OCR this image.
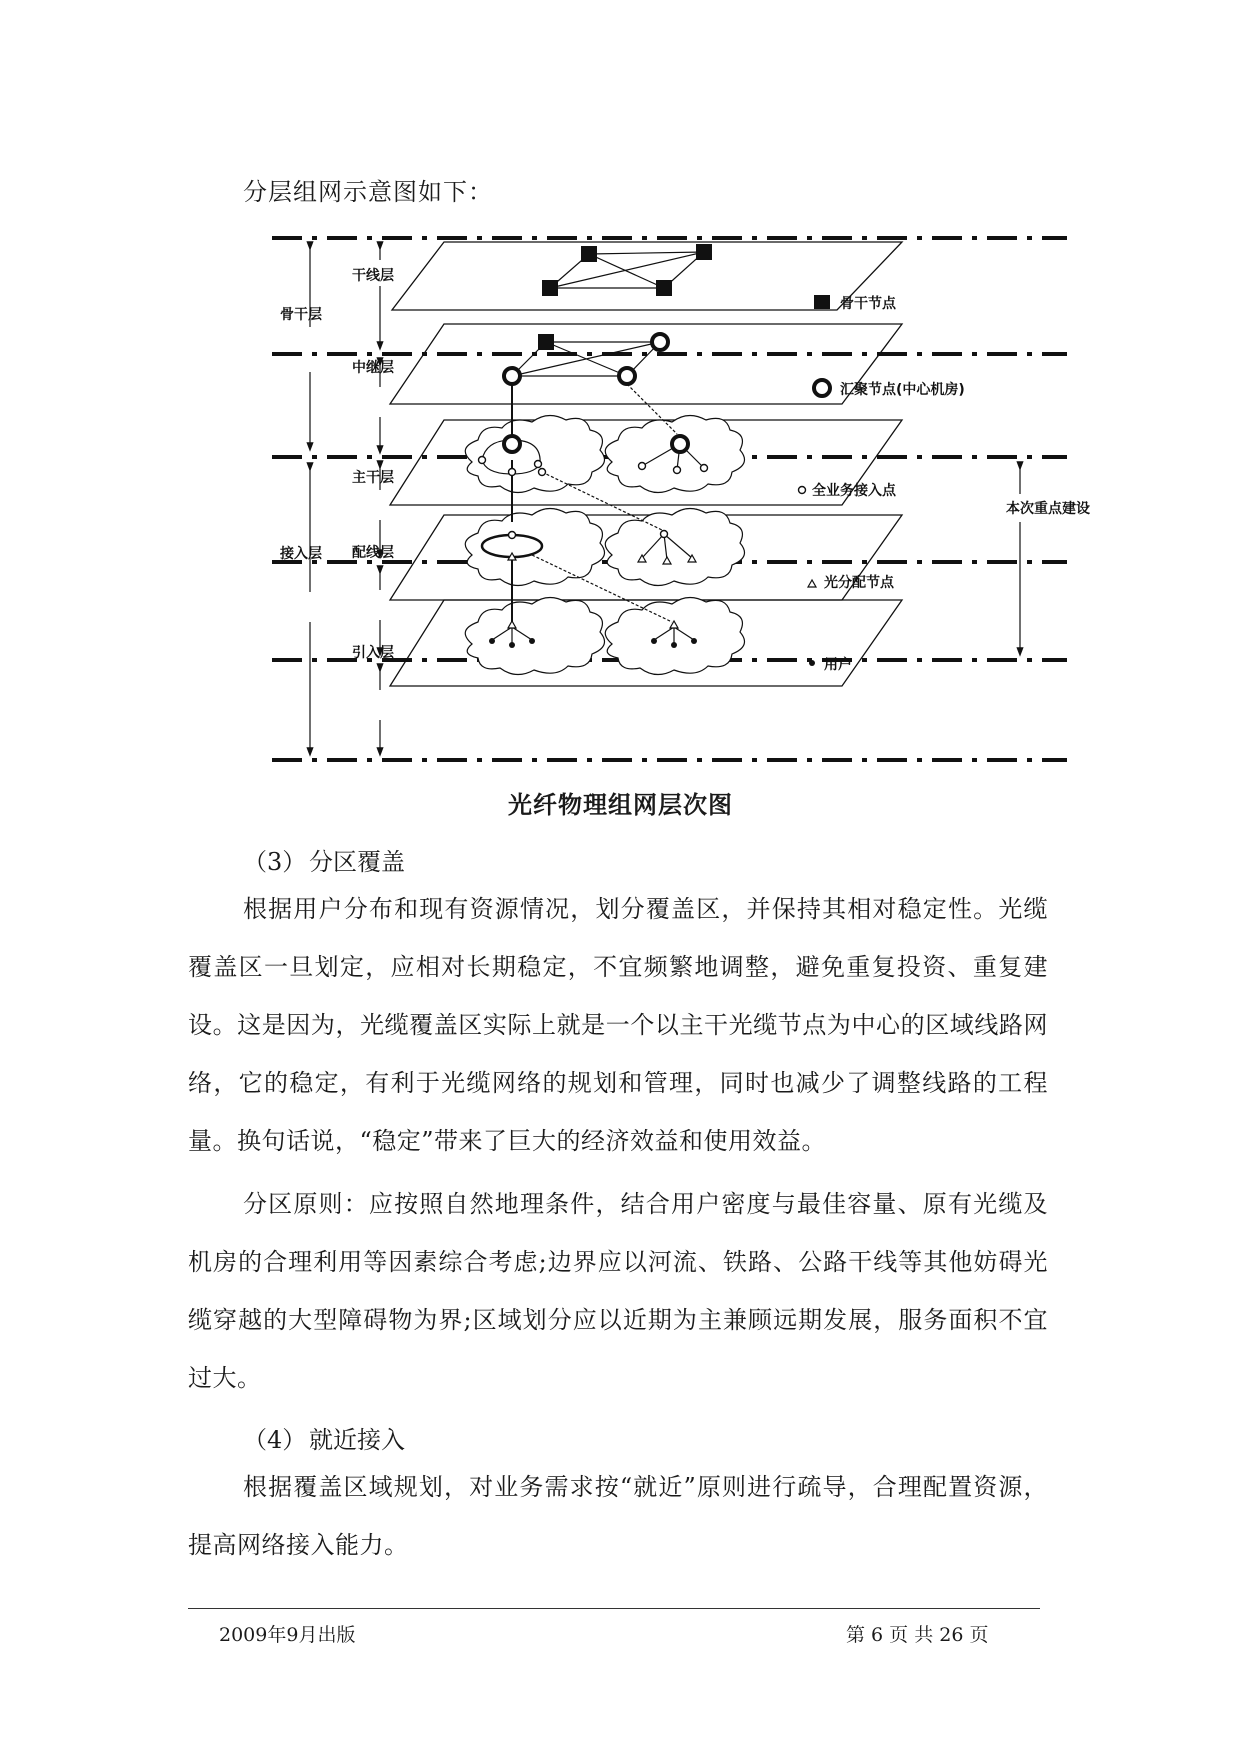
分层组网示意图如下：
骨干层
接入层
干线层
中继层
主干层
配线层
引入层
骨干节点
汇聚节点(中心机房)
全业务接入点
光分配节点
用户
本次重点建设
光纤物理组网层次图
（3） 分区覆盖

根据用户分布和现有资源情况，划分覆盖区，并保持其相对稳定性。光缆覆盖区一旦划定，应相对长期稳定，不宜频繁地调整，避免重复投资、重复建设。这是因为，光缆覆盖区实际上就是一个以主干光缆节点为中心的区域线路网络，它的稳定，有利于光缆网络的规划和管理，同时也减少了调整线路的工程量。换句话说，“稳定”带来了巨大的经济效益和使用效益。

分区原则：应按照自然地理条件，结合用户密度与最佳容量、原有光缆及机房的合理利用等因素综合考虑;边界应以河流、铁路、公路干线等其他妨碍光缆穿越的大型障碍物为界;区域划分应以近期为主兼顾远期发展，服务面积不宜过大。

（4） 就近接入

根据覆盖区域规划，对业务需求按“就近”原则进行疏导，合理配置资源，提高网络接入能力。

2009年9月出版	第 6 页 共 26 页
